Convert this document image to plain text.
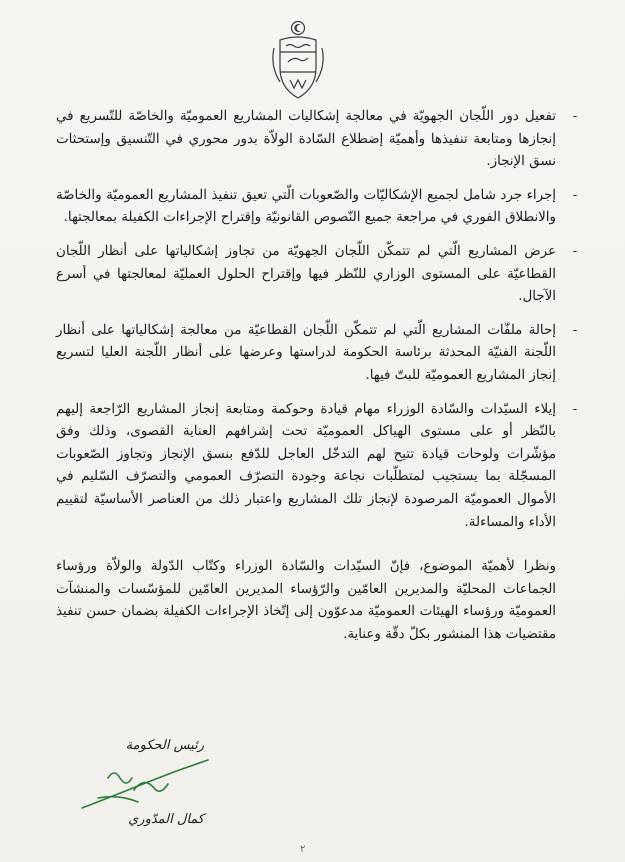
-
تفعيل دور اللّجان الجهويّة في معالجة إشكاليات المشاريع العموميّة والخاصّة للتّسريع في إنجازها ومتابعة تنفيذها وأهميّة إضطلاع السّادة الولاّة بدور محوري في التّنسيق وإستحثات نسق الإنجاز.
-
إجراء جرد شامل لجميع الإشكاليّات والصّعوبات الّتي تعيق تنفيذ المشاريع العموميّة والخاصّة والانطلاق الفوري في مراجعة جميع النّصوص القانونيّة وإقتراح الإجراءات الكفيلة بمعالجتها.
-
عرض المشاريع الّتي لم تتمكّن اللّجان الجهويّة من تجاوز إشكالياتها على أنظار اللّجان القطاعيّة على المستوى الوزاري للنّظر فيها وإقتراح الحلول العمليّة لمعالجتها في أسرع الآجال.
-
إحالة ملفّات المشاريع الّتي لم تتمكّن اللّجان القطاعيّة من معالجة إشكالياتها على أنظار اللّجنة الفنيّة المحدثة برئاسة الحكومة لدراستها وعرضها على أنظار اللّجنة العليا لتسريع إنجاز المشاريع العموميّة للبتّ فيها.
-
إيلاء السيّدات والسّادة الوزراء مهام قيادة وحوكمة ومتابعة إنجاز المشاريع الرّاجعة إليهم بالنّظر أو على مستوى الهياكل العموميّة تحت إشرافهم العناية القصوى، وذلك وفق مؤشّرات ولوحات قيادة تتيح لهم التدخّل العاجل للدّفع بنسق الإنجاز وتجاوز الصّعوبات المسجّلة بما يستجيب لمتطلّبات نجاعة وجودة التصرّف العمومي والتصرّف السّليم في الأموال العموميّة المرصودة لإنجاز تلك المشاريع واعتبار ذلك من العناصر الأساسيّة لتقييم الأداء والمساءلة.

ونظرا لأهميّة الموضوع، فإنّ السيّدات والسّادة الوزراء وكتّاب الدّولة والولاّة ورؤساء الجماعات المحليّة والمديرين العامّين والرّؤساء المديرين العامّين للمؤسّسات والمنشآت العموميّة ورؤساء الهيئات العموميّة مدعوّون إلى إتّخاذ الإجراءات الكفيلة بضمان حسن تنفيذ مقتضيات هذا المنشور بكلّ دقّة وعناية.

رئيس الحكومة
كمال المدّوري
٢
